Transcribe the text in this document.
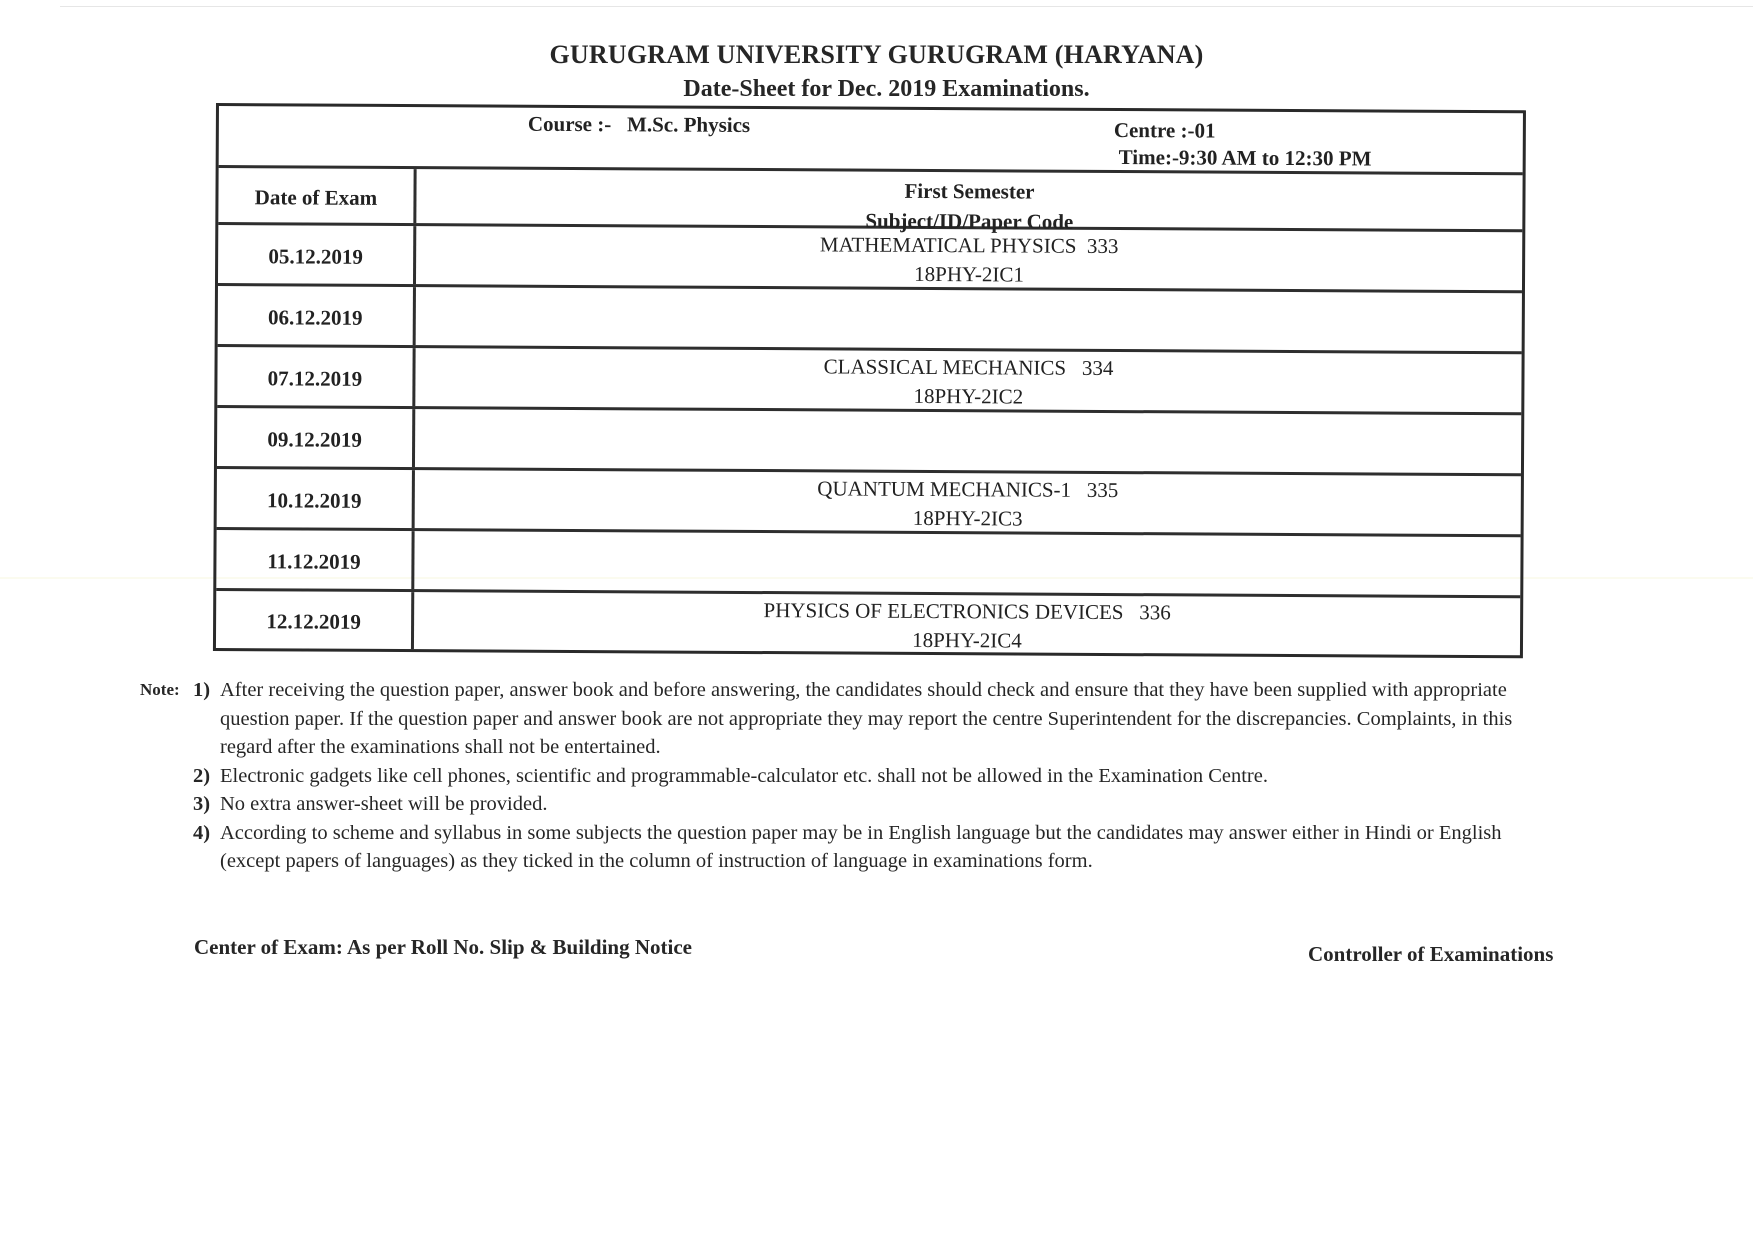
GURUGRAM UNIVERSITY GURUGRAM (HARYANA)
Date-Sheet for Dec. 2019 Examinations.
Course :-   M.Sc. Physics	Centre :-01
Time:-9:30 AM to 12:30 PM
Date of Exam	First Semester
Subject/ID/Paper Code
05.12.2019	MATHEMATICAL PHYSICS  333
18PHY-2IC1
06.12.2019
07.12.2019	CLASSICAL MECHANICS   334
18PHY-2IC2
09.12.2019
10.12.2019	QUANTUM MECHANICS-1   335
18PHY-2IC3
11.12.2019
12.12.2019	PHYSICS OF ELECTRONICS DEVICES   336
18PHY-2IC4
Note: 1) After receiving the question paper, answer book and before answering, the candidates should check and ensure that they have been supplied with appropriate question paper. If the question paper and answer book are not appropriate they may report the centre Superintendent for the discrepancies. Complaints, in this regard after the examinations shall not be entertained.
2) Electronic gadgets like cell phones, scientific and programmable-calculator etc. shall not be allowed in the Examination Centre.
3) No extra answer-sheet will be provided.
4) According to scheme and syllabus in some subjects the question paper may be in English language but the candidates may answer either in Hindi or English (except papers of languages) as they ticked in the column of instruction of language in examinations form.
Center of Exam: As per Roll No. Slip & Building Notice	Controller of Examinations
